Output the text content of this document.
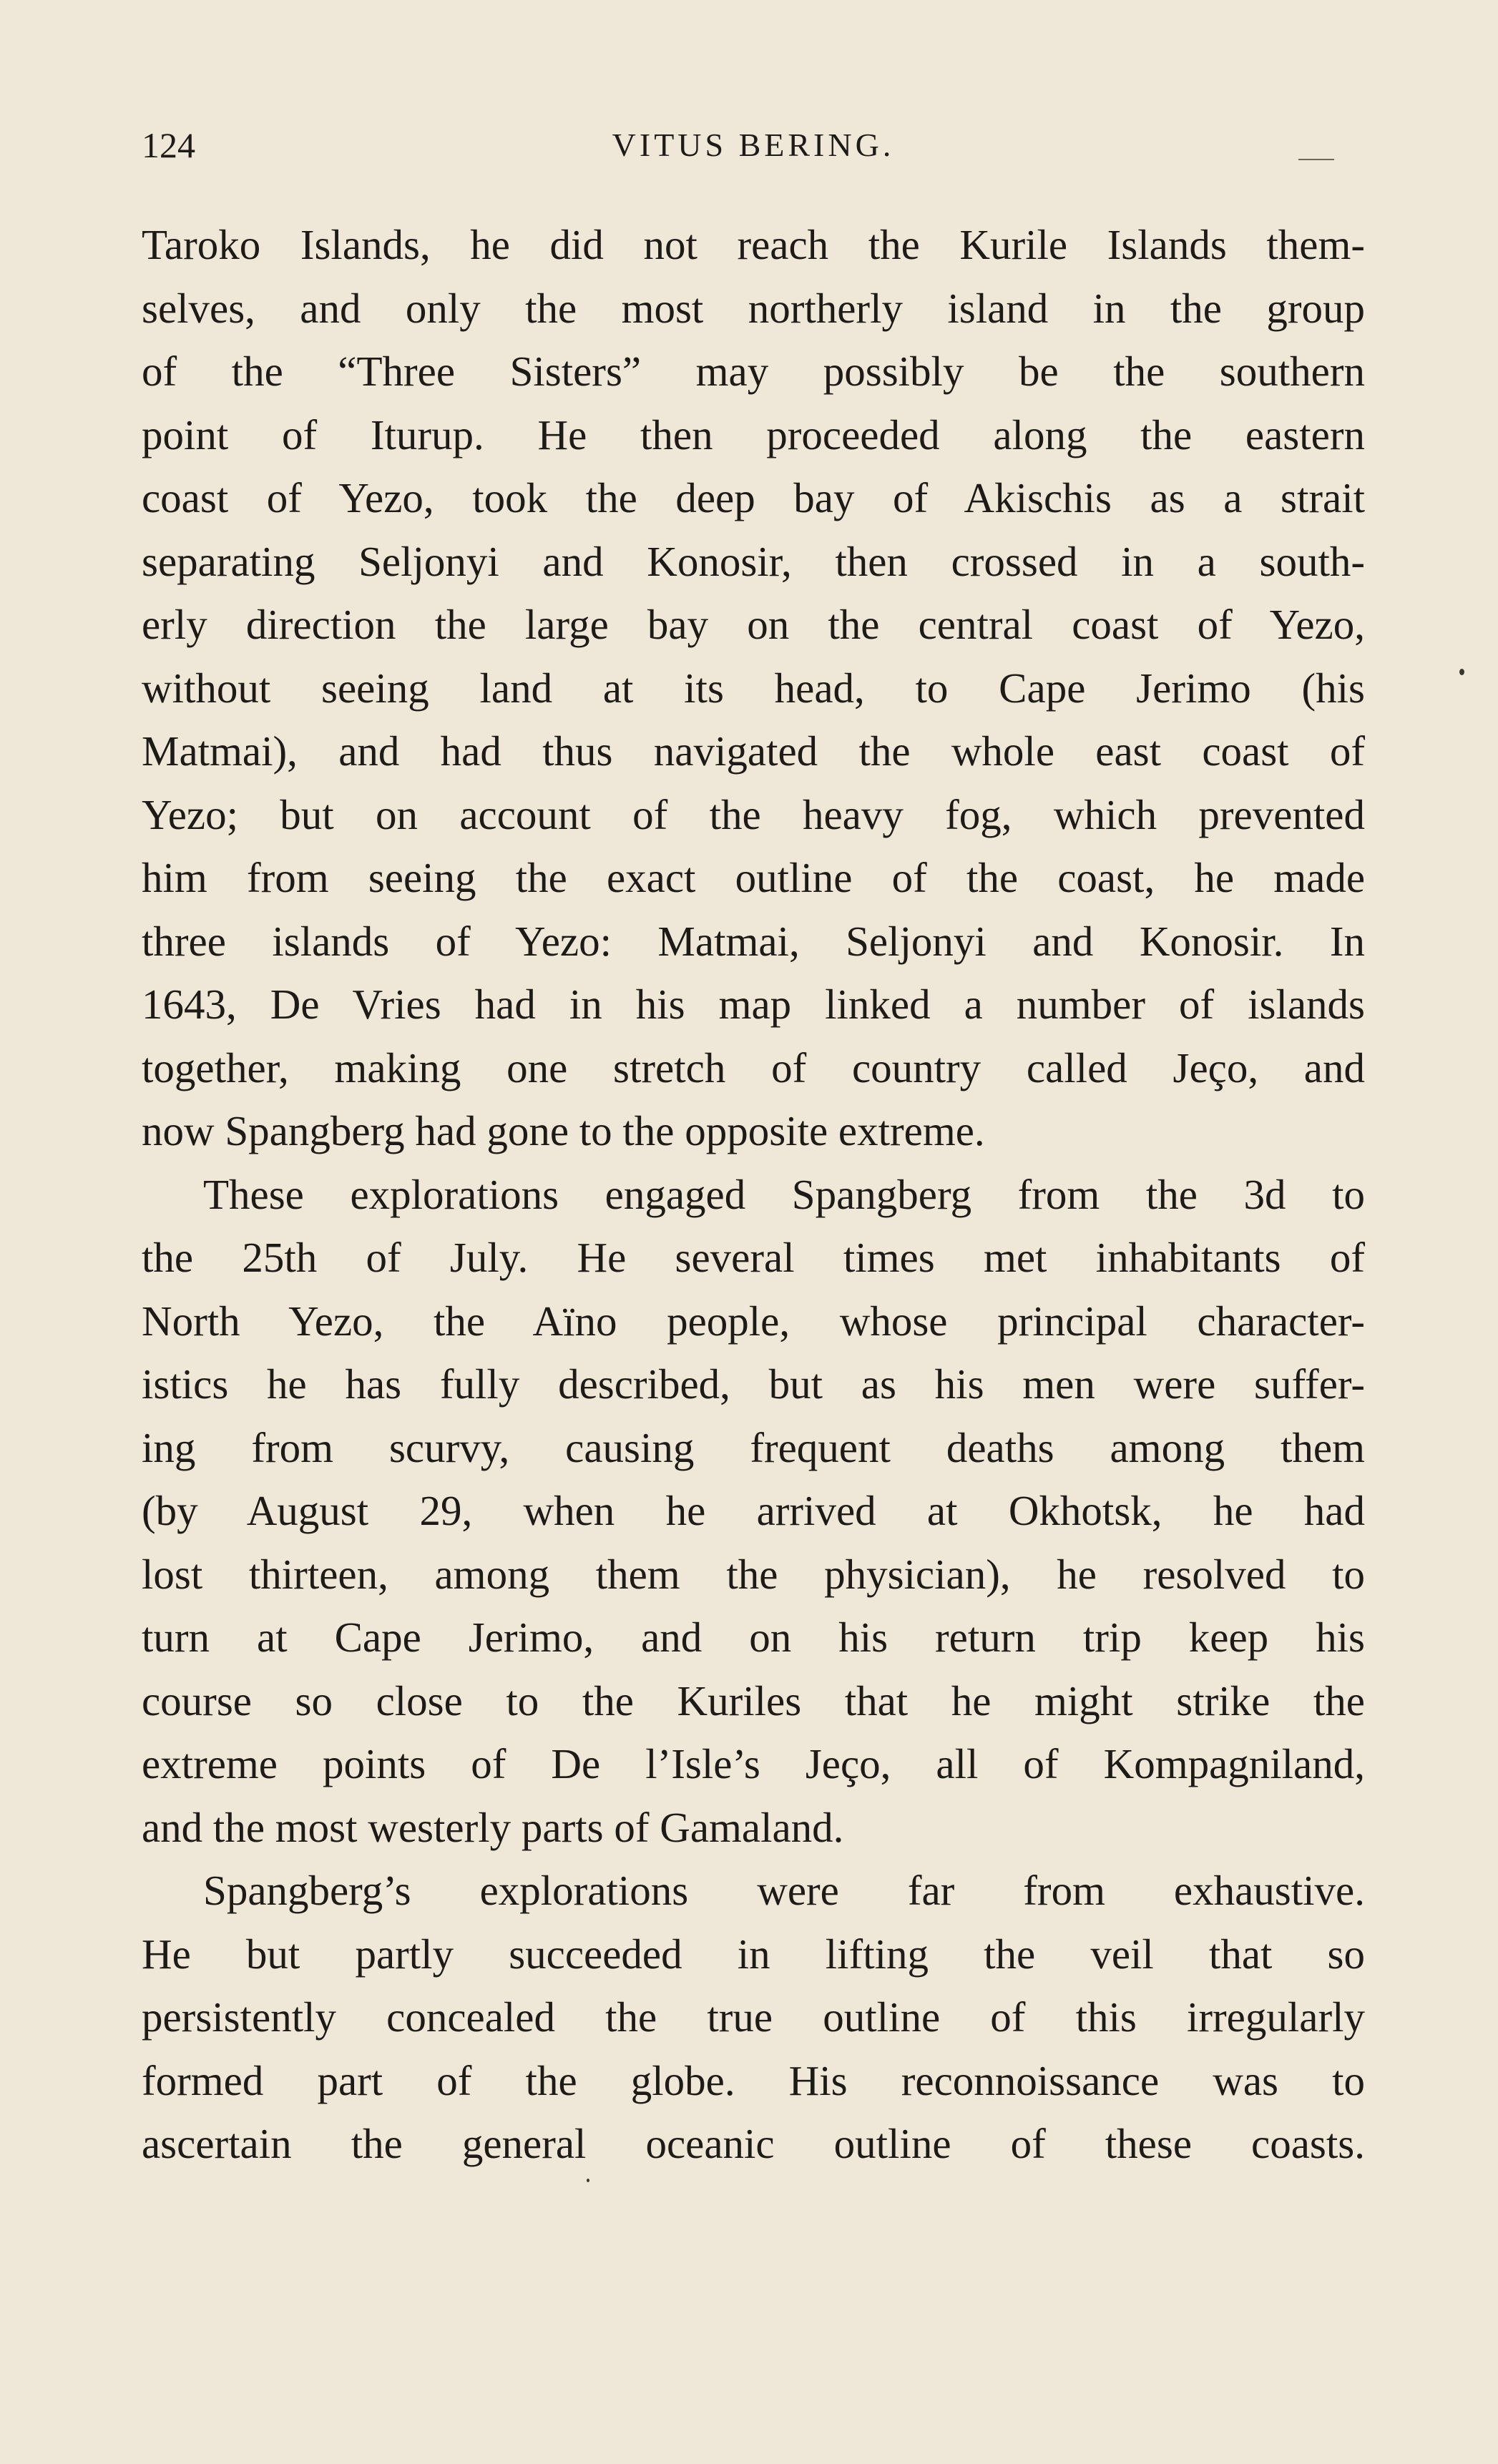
124	VITUS BERING.
Taroko Islands, he did not reach the Kurile Islands them-
selves, and only the most northerly island in the group
of the “Three Sisters” may possibly be the southern
point of Iturup. He then proceeded along the eastern
coast of Yezo, took the deep bay of Akischis as a strait
separating Seljonyi and Konosir, then crossed in a south-
erly direction the large bay on the central coast of Yezo,
without seeing land at its head, to Cape Jerimo (his
Matmai), and had thus navigated the whole east coast of
Yezo; but on account of the heavy fog, which prevented
him from seeing the exact outline of the coast, he made
three islands of Yezo: Matmai, Seljonyi and Konosir. In
1643, De Vries had in his map linked a number of islands
together, making one stretch of country called Jeço, and
now Spangberg had gone to the opposite extreme.
These explorations engaged Spangberg from the 3d to
the 25th of July. He several times met inhabitants of
North Yezo, the Aïno people, whose principal character-
istics he has fully described, but as his men were suffer-
ing from scurvy, causing frequent deaths among them
(by August 29, when he arrived at Okhotsk, he had
lost thirteen, among them the physician), he resolved to
turn at Cape Jerimo, and on his return trip keep his
course so close to the Kuriles that he might strike the
extreme points of De l’Isle’s Jeço, all of Kompagniland,
and the most westerly parts of Gamaland.
Spangberg’s explorations were far from exhaustive.
He but partly succeeded in lifting the veil that so
persistently concealed the true outline of this irregularly
formed part of the globe. His reconnoissance was to
ascertain the general oceanic outline of these coasts.
